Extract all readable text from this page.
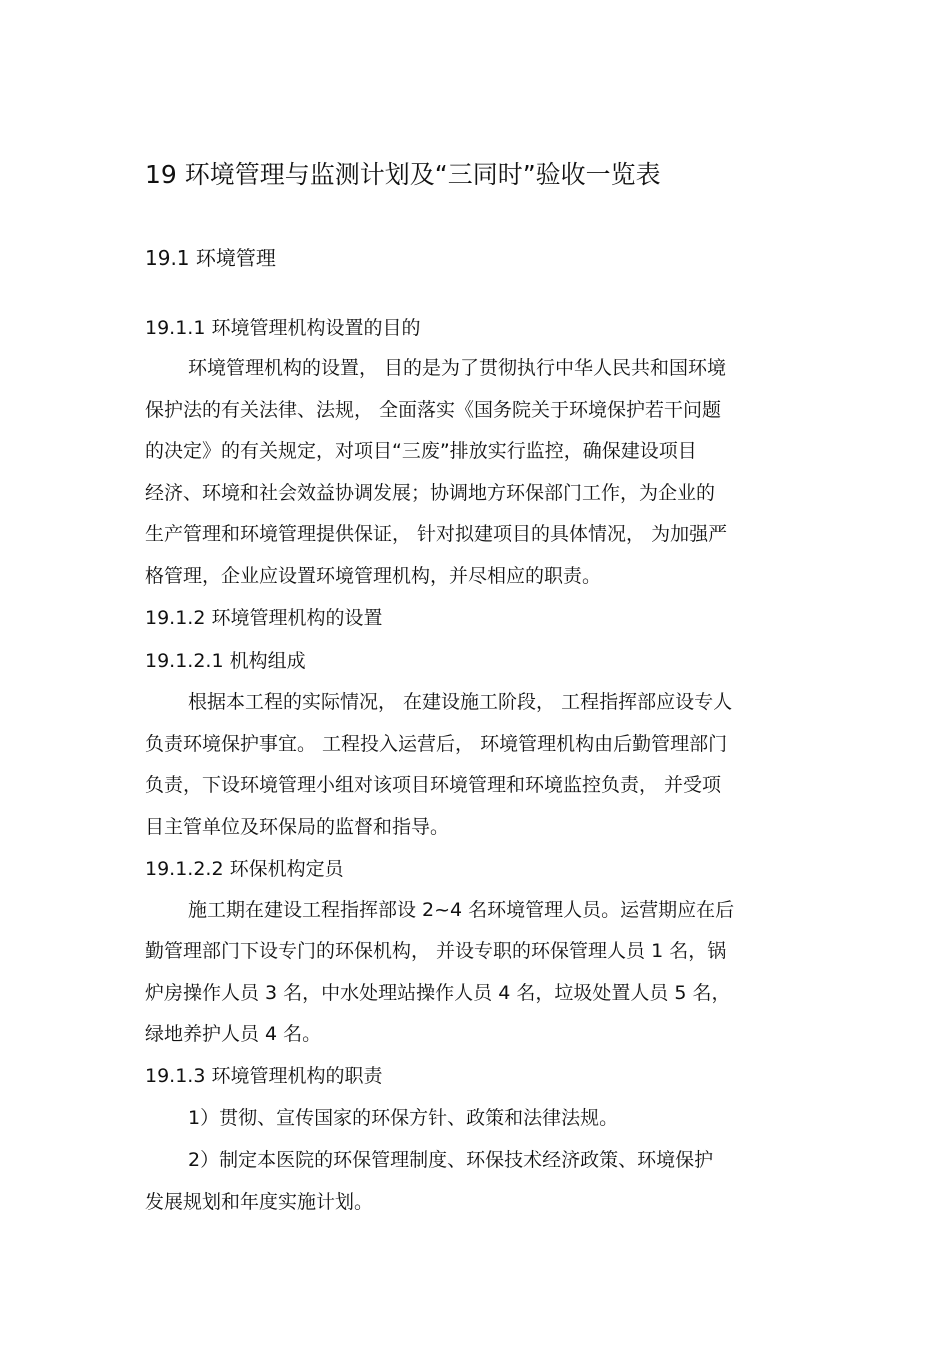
19 环境管理与监测计划及“三同时”验收一览表
19.1 环境管理
19.1.1 环境管理机构设置的目的
环境管理机构的设置， 目的是为了贯彻执行中华人民共和国环境
保护法的有关法律、法规， 全面落实《国务院关于环境保护若干问题
的决定》的有关规定，对项目“三废”排放实行监控，确保建设项目
经济、环境和社会效益协调发展；协调地方环保部门工作，为企业的
生产管理和环境管理提供保证， 针对拟建项目的具体情况， 为加强严
格管理，企业应设置环境管理机构，并尽相应的职责。
19.1.2 环境管理机构的设置
19.1.2.1 机构组成
根据本工程的实际情况， 在建设施工阶段， 工程指挥部应设专人
负责环境保护事宜。 工程投入运营后， 环境管理机构由后勤管理部门
负责，下设环境管理小组对该项目环境管理和环境监控负责， 并受项
目主管单位及环保局的监督和指导。
19.1.2.2 环保机构定员
施工期在建设工程指挥部设 2~4 名环境管理人员。运营期应在后
勤管理部门下设专门的环保机构， 并设专职的环保管理人员 1 名，锅
炉房操作人员 3 名，中水处理站操作人员 4 名，垃圾处置人员 5 名，
绿地养护人员 4 名。
19.1.3 环境管理机构的职责
1）贯彻、宣传国家的环保方针、政策和法律法规。
2）制定本医院的环保管理制度、环保技术经济政策、环境保护
发展规划和年度实施计划。
